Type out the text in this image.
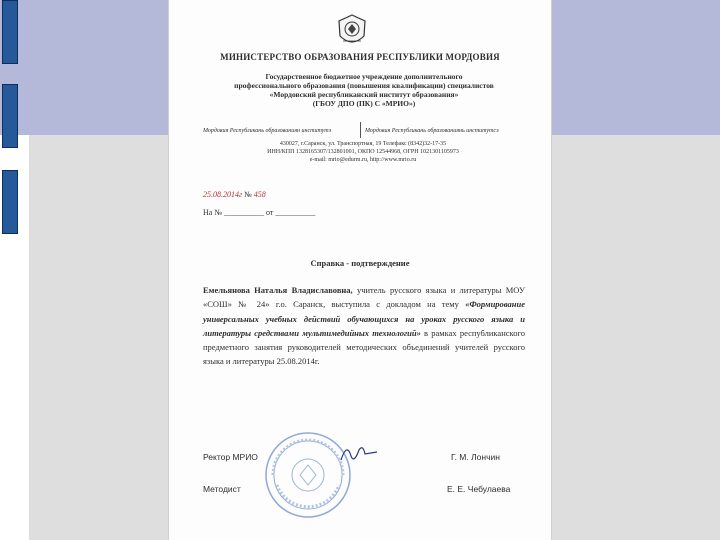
МИНИСТЕРСТВО ОБРАЗОВАНИЯ РЕСПУБЛИКИ МОРДОВИЯ
Государственное бюджетное учреждение дополнительного
профессионального образования (повышения квалификации) специалистов
«Мордовский республиканский институт образования»
(ГБОУ ДПО (ПК) С «МРИО»)
Мордовия Республикань образованиян институтэ	Мордовия Республикань образованиянь институтсэ
430027, г.Саранск, ул. Транспортная, 19 Телефакс (8342)32-17-35
ИНН/КПП 1328165307/132801001, ОКПО 12544968, ОГРН 1021301105973
e-mail: mrio@edurm.ru, http://www.mrio.ru
25.08.2014г № 458
На № __________ от __________
Справка - подтверждение
Емельянова Наталья Владиславовна, учитель русского языка и литературы МОУ «СОШ» № 24» г.о. Саранск, выступила с докладом на тему «Формирование универсальных учебных действий обучающихся на уроках русского языка и литературы средствами мультимедийных технологий» в рамках республиканского предметного занятия руководителей методических объединений учителей русского языка и литературы 25.08.2014г.
Ректор МРИО	Г. М. Лончин
Методист	Е. Е. Чебулаева
